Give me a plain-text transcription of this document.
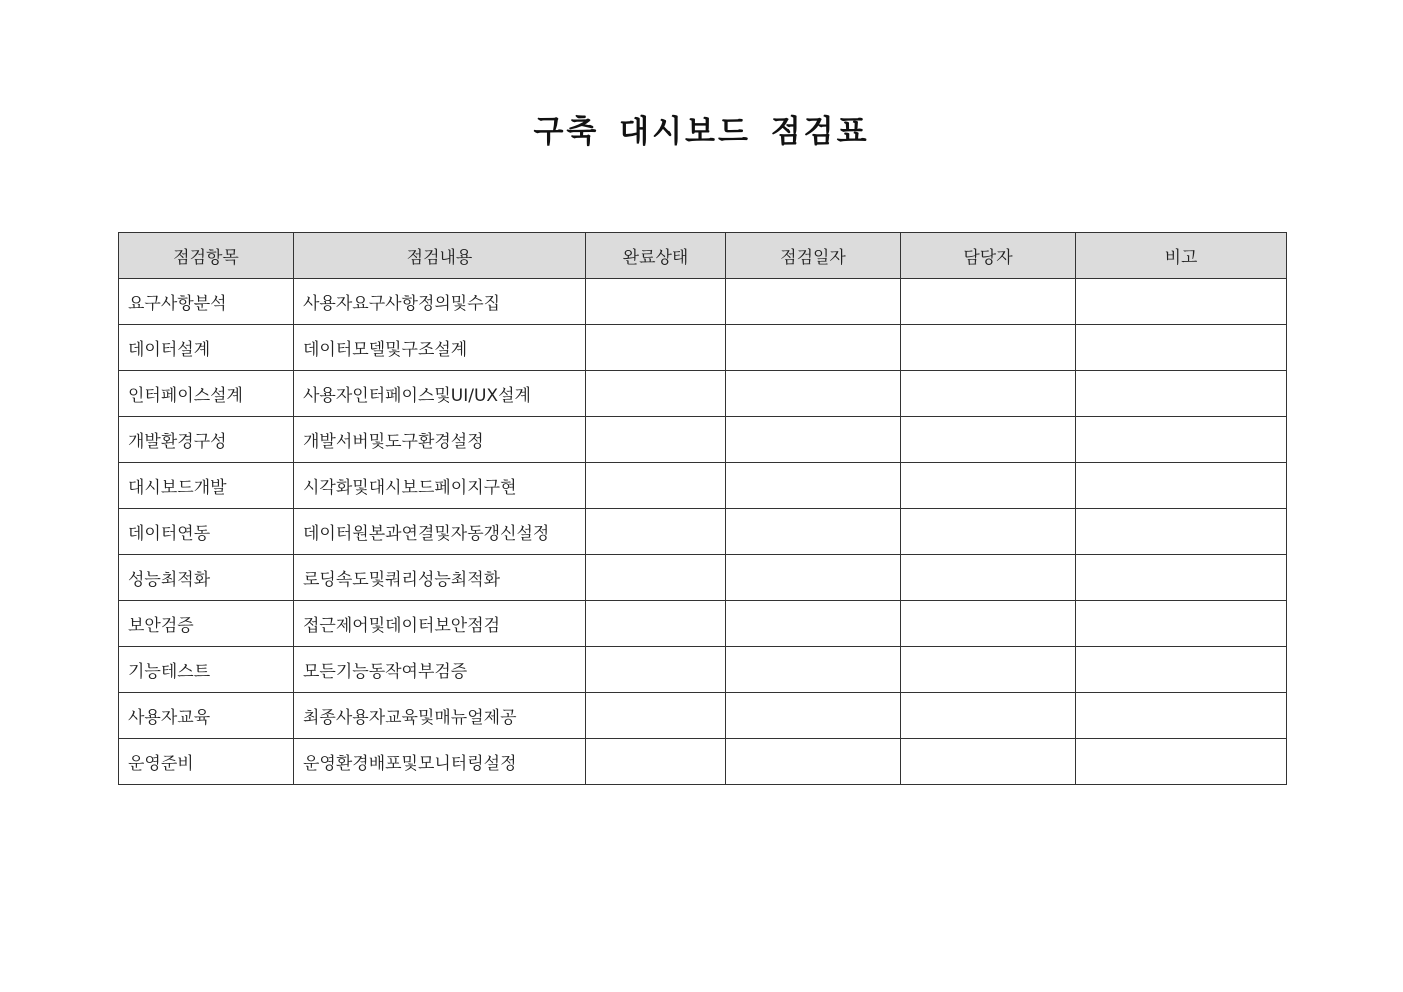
구축 대시보드 점검표
점검항목	점검내용	완료상태	점검일자	담당자	비고
요구사항분석	사용자요구사항정의및수집				
데이터설계	데이터모델및구조설계				
인터페이스설계	사용자인터페이스및UI/UX설계				
개발환경구성	개발서버및도구환경설정				
대시보드개발	시각화및대시보드페이지구현				
데이터연동	데이터원본과연결및자동갱신설정				
성능최적화	로딩속도및쿼리성능최적화				
보안검증	접근제어및데이터보안점검				
기능테스트	모든기능동작여부검증				
사용자교육	최종사용자교육및매뉴얼제공				
운영준비	운영환경배포및모니터링설정				
